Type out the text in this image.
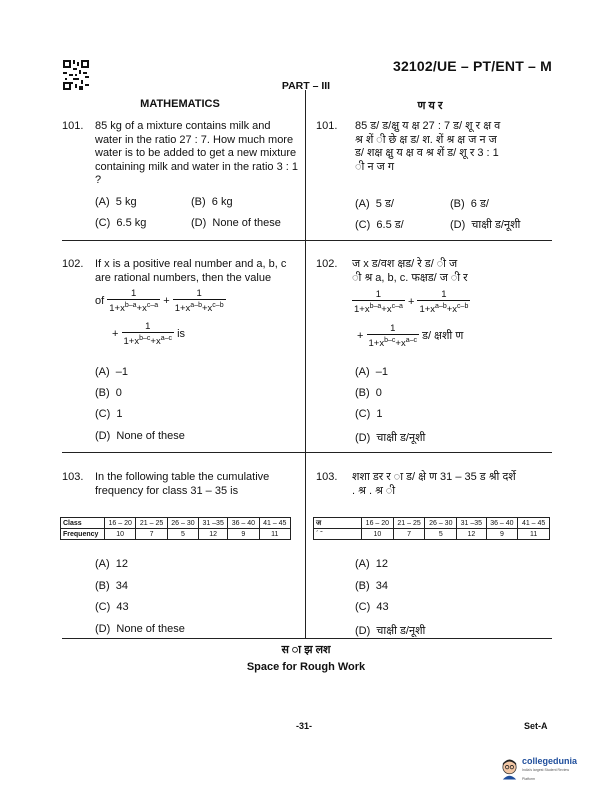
32102/UE – PT/ENT – M
PART – III
MATHEMATICS	ण य र
101. 85 kg of a mixture contains milk and water in the ratio 27 : 7. How much more water is to be added to get a new mixture containing milk and water in the ratio 3 : 1 ?
(A) 5 kg	(B) 6 kg
(C) 6.5 kg	(D) None of these
101. 85 ड/ ड/क्षु य क्ष 27 : 7 ड/ शू र क्ष व
श्र शें ी छे क्ष ड/ श. शें श्र क्ष ज न ज
ड/ शक्ष क्षु य क्ष व श्र शें ड/ शू र 3 : 1
ी न ज ग
(A) 5 ड/	(B) 6 ड/
(C) 6.5 ड/	(D) चाक्षी ड/नूशी
102. If x is a positive real number and a, b, c
are rational numbers, then the value
of $\frac{1}{1+x^{b-a}+x^{c-a}} + \frac{1}{1+x^{a-b}+x^{c-b}}$
+ $\frac{1}{1+x^{b-c}+x^{a-c}}$ is
(A) –1
(B) 0
(C) 1
(D) None of these
102. ज x ड/वश क्षड/ रे ड/ ी ज
ी श्र a, b, c. फक्षड/ ज ी र
$\frac{1}{1+x^{b-a}+x^{c-a}} + \frac{1}{1+x^{a-b}+x^{c-b}}$
+ $\frac{1}{1+x^{b-c}+x^{a-c}}$ ड/ क्षशी ण
(A) –1
(B) 0
(C) 1
(D) चाक्षी ड/नूशी
103. In the following table the cumulative
frequency for class 31 – 35 is
Class	16 – 20	21 – 25	26 – 30	31 –35	36 – 40	41 – 45
Frequency	10	7	5	12	9	11
(A) 12
(B) 34
(C) 43
(D) None of these
103. शशा डर र ा ड/ क्षे ण 31 – 35 ड श्री दर्शे
. श्र . श्र ी
ज	16 – 20	21 – 25	26 – 30	31 –35	36 – 40	41 – 45
ˊ ˉ	10	7	5	12	9	11
(A) 12
(B) 34
(C) 43
(D) चाक्षी ड/नूशी
स ा झ लश
Space for Rough Work
-31-	Set-A
collegedunia
India's largest Student Review Platform
